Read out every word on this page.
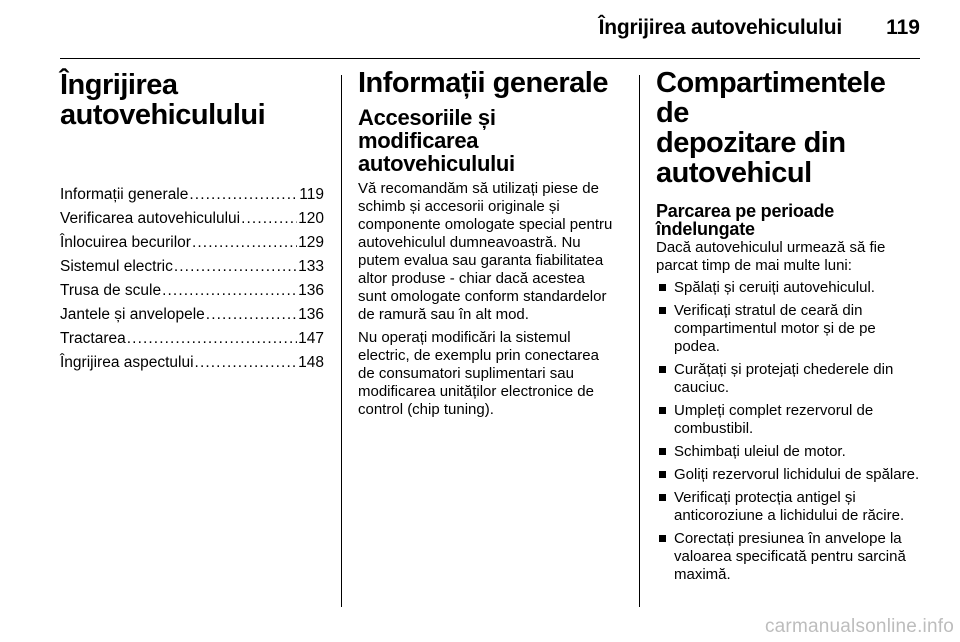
Îngrijirea autovehiculului 119
Îngrijirea
autovehiculului
Informații generale .....	119
Verificarea autovehiculului .....	120
Înlocuirea becurilor .....	129
Sistemul electric .....	133
Trusa de scule .....	136
Jantele și anvelopele .....	136
Tractarea .....	147
Îngrijirea aspectului .....	148
Informații generale
Accesoriile și modificarea
autovehiculului

Vă recomandăm să utilizați piese de schimb și accesorii originale și componente omologate special pentru autovehiculul dumneavoastră. Nu putem evalua sau garanta fiabilitatea altor produse - chiar dacă acestea sunt omologate conform standardelor de ramură sau în alt mod.

Nu operați modificări la sistemul electric, de exemplu prin conectarea de consumatori suplimentari sau modificarea unităților electronice de control (chip tuning).

Compartimentele de
depozitare din autovehicul
Parcarea pe perioade
îndelungate

Dacă autovehiculul urmează să fie parcat timp de mai multe luni:

Spălați și ceruiți autovehiculul.
Verificați stratul de ceară din compartimentul motor și de pe podea.
Curățați și protejați chederele din cauciuc.
Umpleți complet rezervorul de combustibil.
Schimbați uleiul de motor.
Goliți rezervorul lichidului de spălare.
Verificați protecția antigel și anticoroziune a lichidului de răcire.
Corectați presiunea în anvelope la valoarea specificată pentru sarcină maximă.
carmanualsonline.info
